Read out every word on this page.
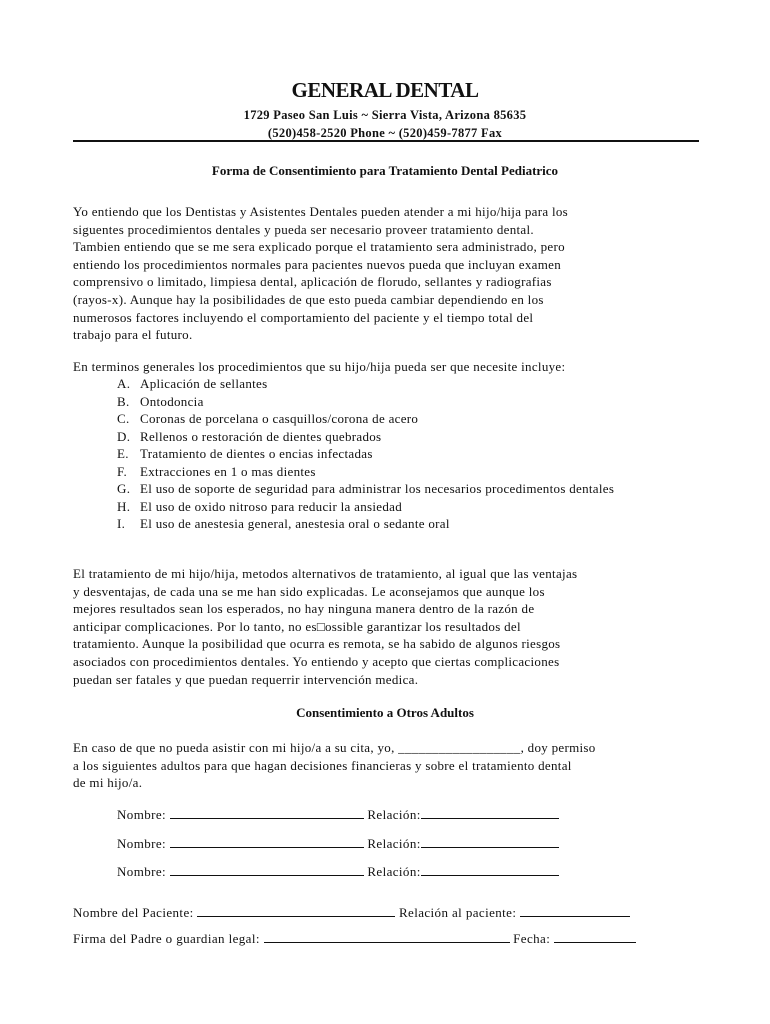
GENERAL DENTAL
1729 Paseo San Luis ~ Sierra Vista, Arizona 85635
(520)458-2520 Phone ~ (520)459-7877 Fax
Forma de Consentimiento para Tratamiento Dental Pediatrico
Yo entiendo que los Dentistas y Asistentes Dentales pueden atender a mi hijo/hija para los
siguentes procedimientos dentales y pueda ser necesario proveer tratamiento dental.
Tambien entiendo que se me sera explicado porque el tratamiento sera administrado, pero
entiendo los procedimientos normales para pacientes nuevos pueda que incluyan examen
comprensivo o limitado, limpiesa dental, aplicación de florudo, sellantes y radiografias
(rayos-x). Aunque hay la posibilidades de que esto pueda cambiar dependiendo en los
numerosos factores incluyendo el comportamiento del paciente y el tiempo total del
trabajo para el futuro.
En terminos generales los procedimientos que su hijo/hija pueda ser que necesite incluye:
A. Aplicación de sellantes
B. Ontodoncia
C. Coronas de porcelana o casquillos/corona de acero
D. Rellenos o restoración de dientes quebrados
E. Tratamiento de dientes o encias infectadas
F. Extracciones en 1 o mas dientes
G. El uso de soporte de seguridad para administrar los necesarios procedimentos dentales
H. El uso de oxido nitroso para reducir la ansiedad
I.	El uso de anestesia general, anestesia oral o sedante oral
El tratamiento de mi hijo/hija, metodos alternativos de tratamiento, al igual que las ventajas
y desventajas, de cada una se me han sido explicadas. Le aconsejamos que aunque los
mejores resultados sean los esperados, no hay ninguna manera dentro de la razón de
anticipar complicaciones. Por lo tanto, no es□ossible garantizar los resultados del
tratamiento. Aunque la posibilidad que ocurra es remota, se ha sabido de algunos riesgos
asociados con procedimientos dentales. Yo entiendo y acepto que ciertas complicaciones
puedan ser fatales y que puedan requerrir intervención medica.
Consentimiento a Otros Adultos
En caso de que no pueda asistir con mi hijo/a a su cita, yo, __________________, doy permiso
a los siguientes adultos para que hagan decisiones financieras y sobre el tratamiento dental
de mi hijo/a.
Nombre:	Relación:
Nombre:	Relación:
Nombre:	Relación:
Nombre del Paciente:	Relación al paciente:
Firma del Padre o guardian legal:	Fecha:
